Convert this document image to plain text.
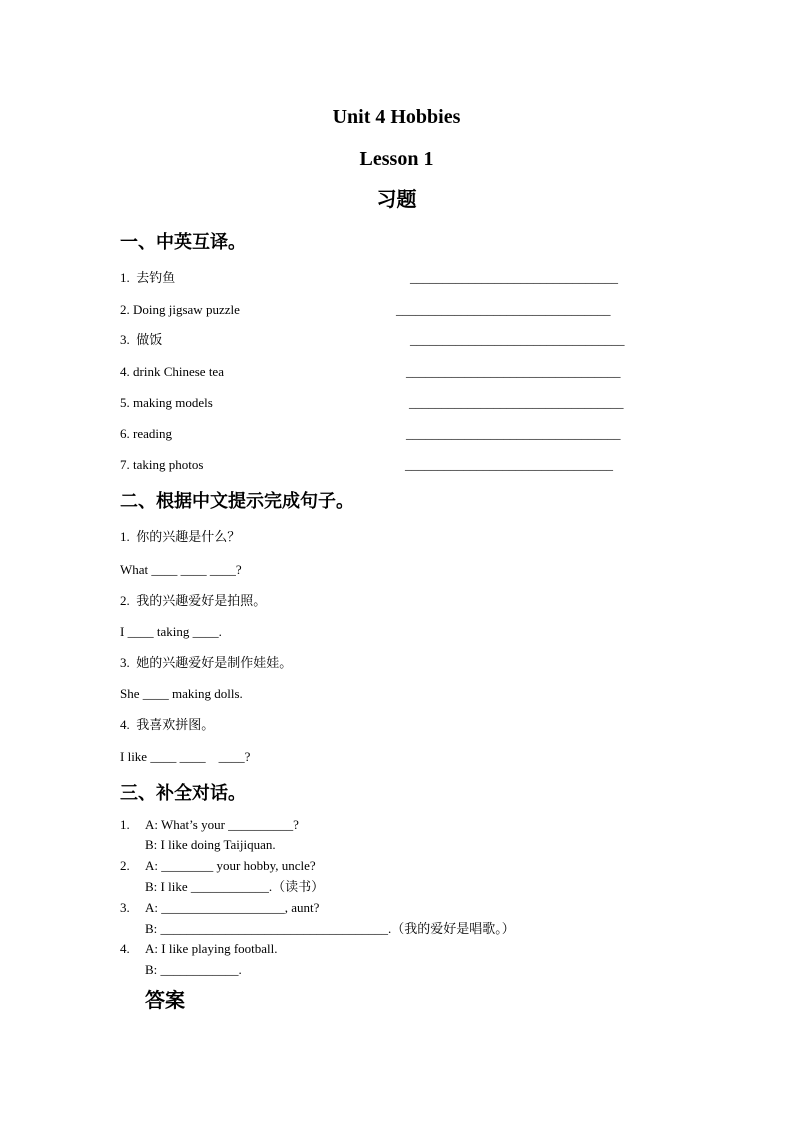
Unit 4 Hobbies
Lesson 1
习题
一、中英互译。
1.  去钓鱼	________________________________
2. Doing jigsaw puzzle	_________________________________
3.  做饭	_________________________________
4. drink Chinese tea	_________________________________
5. making models	_________________________________
6. reading	_________________________________
7. taking photos	________________________________
二、根据中文提示完成句子。
1.  你的兴趣是什么？
What ____ ____ ____?
2.  我的兴趣爱好是拍照。
I ____ taking ____.
3.  她的兴趣爱好是制作娃娃。
She ____ making dolls.
4.  我喜欢拼图。
I like ____ ____    ____?
三、补全对话。
1. A: What’s your __________?
B: I like doing Taijiquan.
2. A: ________ your hobby, uncle?
B: I like ____________.（读书）
3. A: ___________________, aunt?
B: ___________________________________.（我的爱好是唱歌。）
4. A: I like playing football.
B: ____________.
答案
